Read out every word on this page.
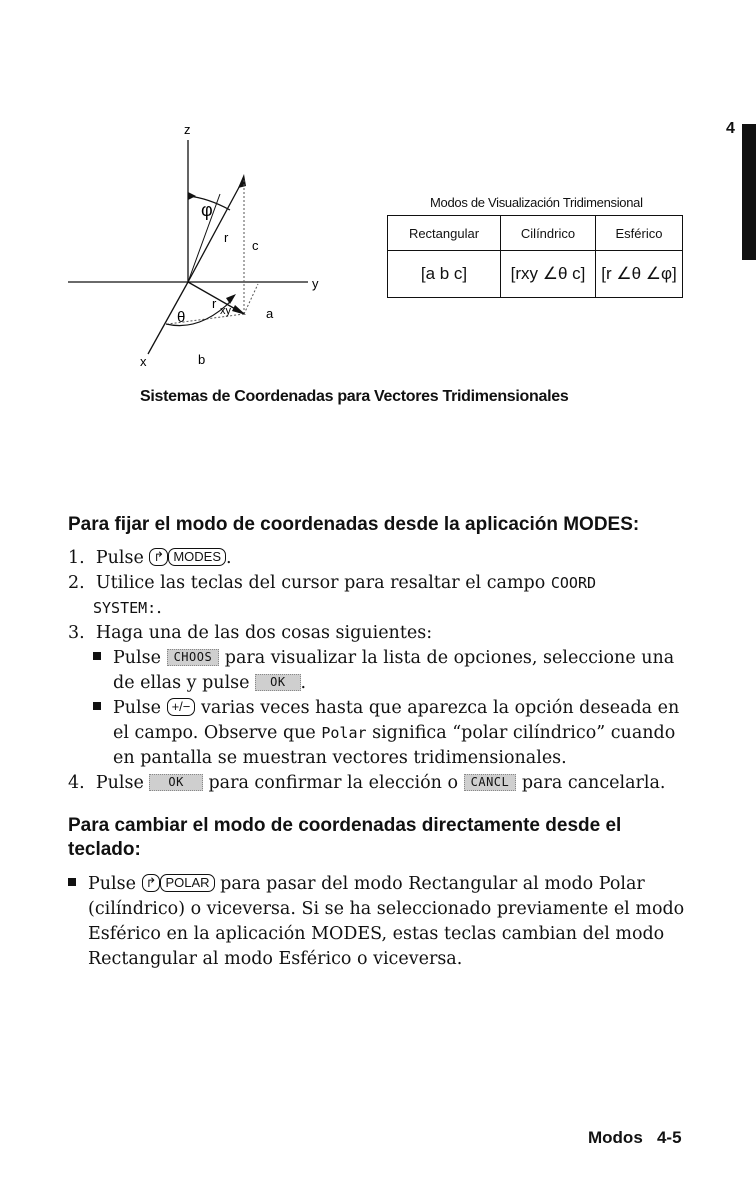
4
z
y
x
φ
r
c
θ
r xy	a
b
Modos de Visualización Tridimensional
Rectangular	Cilíndrico	Esférico
[a b c]	[rxy ∠θ c]	[r ∠θ ∠φ]
Sistemas de Coordenadas para Vectores Tridimensionales
Para fijar el modo de coordenadas desde la aplicación MODES:
1. Pulse ↱ MODES .
2. Utilice las teclas del cursor para resaltar el campo COORD
SYSTEM:.
3. Haga una de las dos cosas siguientes:
Pulse CHOOS para visualizar la lista de opciones, seleccione una
de ellas y pulse OK .
Pulse +/− varias veces hasta que aparezca la opción deseada en
el campo. Observe que Polar significa “polar cilíndrico” cuando
en pantalla se muestran vectores tridimensionales.
4. Pulse OK para confirmar la elección o CANCL para cancelarla.
Para cambiar el modo de coordenadas directamente desde el teclado:
Pulse ↱ POLAR para pasar del modo Rectangular al modo Polar
(cilíndrico) o viceversa. Si se ha seleccionado previamente el modo
Esférico en la aplicación MODES, estas teclas cambian del modo
Rectangular al modo Esférico o viceversa.
Modos 4-5
